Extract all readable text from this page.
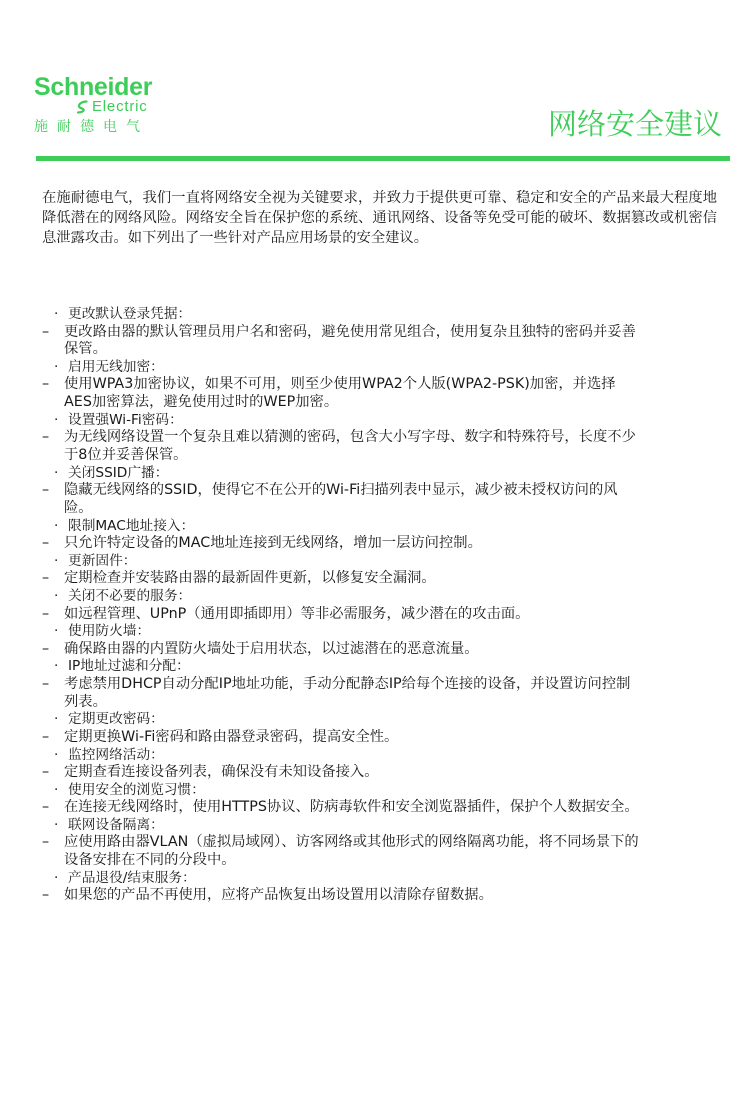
Schneider
Electric
施耐德电气	网络安全建议
在施耐德电气，我们一直将网络安全视为关键要求，并致力于提供更可靠、稳定和安全的产品来最大程度地降低潜在的网络风险。网络安全旨在保护您的系统、通讯网络、设备等免受可能的破坏、数据篡改或机密信息泄露攻击。如下列出了一些针对产品应用场景的安全建议。
· 更改默认登录凭据：
– 更改路由器的默认管理员用户名和密码，避免使用常见组合，使用复杂且独特的密码并妥善保管。
· 启用无线加密：
– 使用WPA3加密协议，如果不可用，则至少使用WPA2个人版(WPA2-PSK)加密，并选择AES加密算法，避免使用过时的WEP加密。
· 设置强Wi-Fi密码：
– 为无线网络设置一个复杂且难以猜测的密码，包含大小写字母、数字和特殊符号，长度不少于8位并妥善保管。
· 关闭SSID广播：
– 隐藏无线网络的SSID，使得它不在公开的Wi-Fi扫描列表中显示，减少被未授权访问的风险。
· 限制MAC地址接入：
– 只允许特定设备的MAC地址连接到无线网络，增加一层访问控制。
· 更新固件：
– 定期检查并安装路由器的最新固件更新，以修复安全漏洞。
· 关闭不必要的服务：
– 如远程管理、UPnP（通用即插即用）等非必需服务，减少潜在的攻击面。
· 使用防火墙：
– 确保路由器的内置防火墙处于启用状态，以过滤潜在的恶意流量。
· IP地址过滤和分配：
– 考虑禁用DHCP自动分配IP地址功能，手动分配静态IP给每个连接的设备，并设置访问控制列表。
· 定期更改密码：
– 定期更换Wi-Fi密码和路由器登录密码，提高安全性。
· 监控网络活动：
– 定期查看连接设备列表，确保没有未知设备接入。
· 使用安全的浏览习惯：
– 在连接无线网络时，使用HTTPS协议、防病毒软件和安全浏览器插件，保护个人数据安全。
· 联网设备隔离：
– 应使用路由器VLAN（虚拟局域网）、访客网络或其他形式的网络隔离功能，将不同场景下的设备安排在不同的分段中。
· 产品退役/结束服务：
– 如果您的产品不再使用，应将产品恢复出场设置用以清除存留数据。
